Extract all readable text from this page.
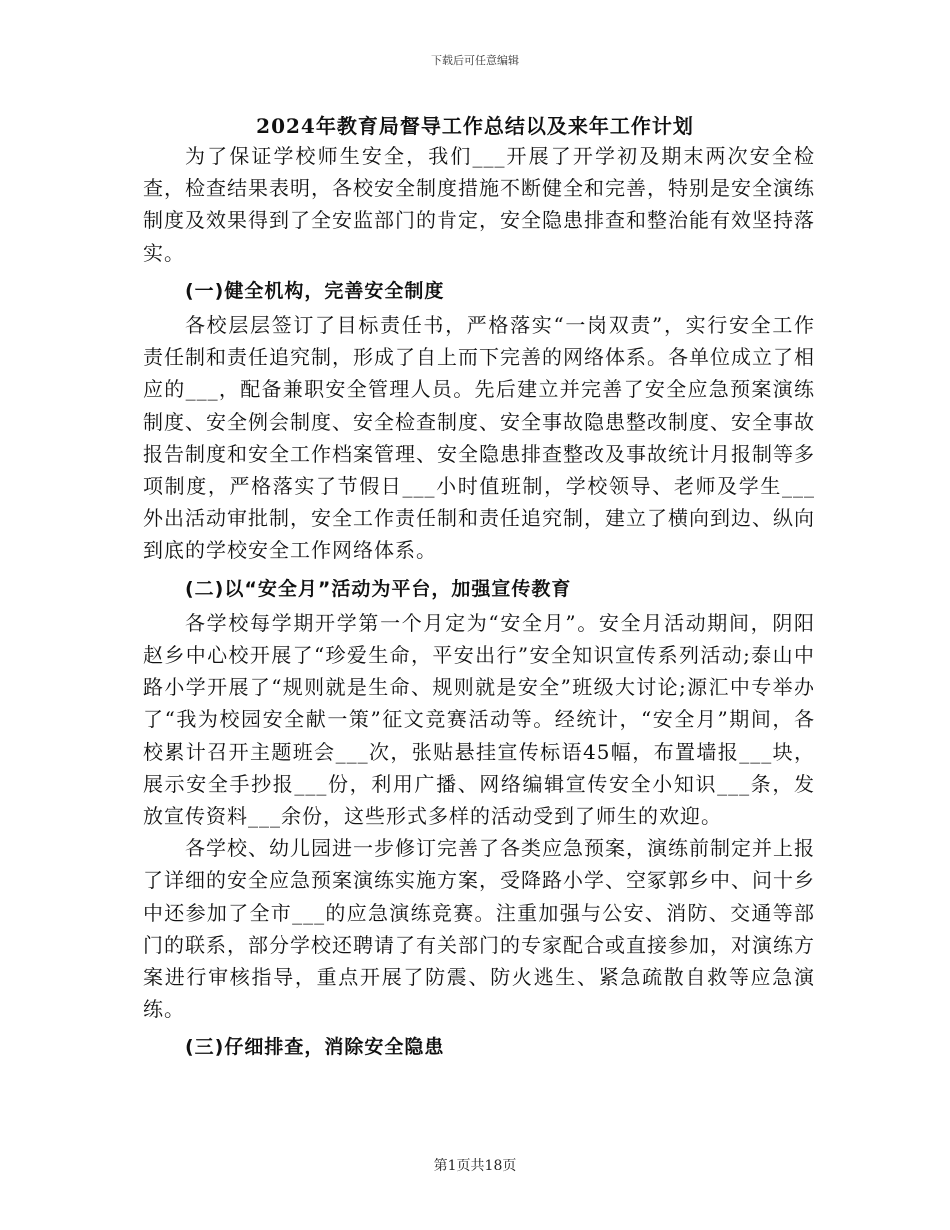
下载后可任意编辑
2024年教育局督导工作总结以及来年工作计划

为了保证学校师生安全，我们___开展了开学初及期末两次安全检查，检查结果表明，各校安全制度措施不断健全和完善，特别是安全演练制度及效果得到了全安监部门的肯定，安全隐患排查和整治能有效坚持落实。

(一)健全机构，完善安全制度

各校层层签订了目标责任书，严格落实“一岗双责”，实行安全工作责任制和责任追究制，形成了自上而下完善的网络体系。各单位成立了相应的___，配备兼职安全管理人员。先后建立并完善了安全应急预案演练制度、安全例会制度、安全检查制度、安全事故隐患整改制度、安全事故报告制度和安全工作档案管理、安全隐患排查整改及事故统计月报制等多项制度，严格落实了节假日___小时值班制，学校领导、老师及学生___外出活动审批制，安全工作责任制和责任追究制，建立了横向到边、纵向到底的学校安全工作网络体系。

(二)以“安全月”活动为平台，加强宣传教育

各学校每学期开学第一个月定为“安全月”。安全月活动期间，阴阳赵乡中心校开展了“珍爱生命，平安出行”安全知识宣传系列活动;泰山中路小学开展了“规则就是生命、规则就是安全”班级大讨论;源汇中专举办了“我为校园安全献一策”征文竞赛活动等。经统计，“安全月”期间，各校累计召开主题班会___次，张贴悬挂宣传标语45幅，布置墙报___块，展示安全手抄报___份，利用广播、网络编辑宣传安全小知识___条，发放宣传资料___余份，这些形式多样的活动受到了师生的欢迎。

各学校、幼儿园进一步修订完善了各类应急预案，演练前制定并上报了详细的安全应急预案演练实施方案，受降路小学、空冢郭乡中、问十乡中还参加了全市___的应急演练竞赛。注重加强与公安、消防、交通等部门的联系，部分学校还聘请了有关部门的专家配合或直接参加，对演练方案进行审核指导，重点开展了防震、防火逃生、紧急疏散自救等应急演练。

(三)仔细排查，消除安全隐患

第1页共18页
